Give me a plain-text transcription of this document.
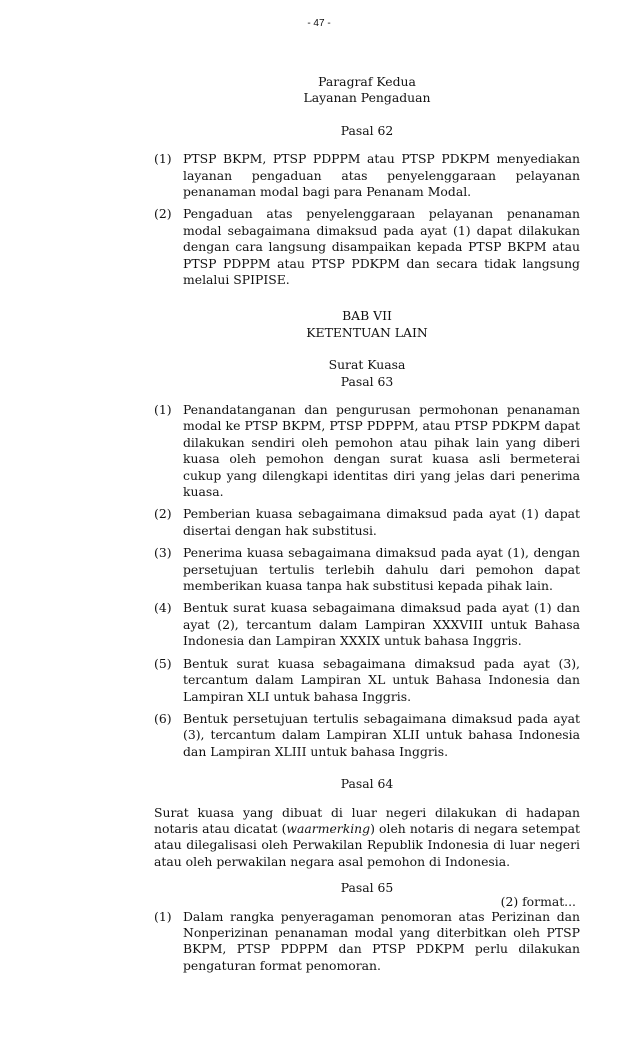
- 47 -
Paragraf Kedua
Layanan Pengaduan
Pasal 62
(1) PTSP BKPM, PTSP PDPPM atau PTSP PDKPM menyediakan layanan pengaduan atas penyelenggaraan pelayanan penanaman modal bagi para Penanam Modal.
(2) Pengaduan atas penyelenggaraan pelayanan penanaman modal sebagaimana dimaksud pada ayat (1) dapat dilakukan dengan cara langsung disampaikan kepada PTSP BKPM atau PTSP PDPPM atau PTSP PDKPM dan secara tidak langsung melalui SPIPISE.
BAB VII
KETENTUAN LAIN
Surat Kuasa
Pasal 63
(1) Penandatanganan dan pengurusan permohonan penanaman modal ke PTSP BKPM, PTSP PDPPM, atau PTSP PDKPM dapat dilakukan sendiri oleh pemohon atau pihak lain yang diberi kuasa oleh pemohon dengan surat kuasa asli bermeterai cukup yang dilengkapi identitas diri yang jelas dari penerima kuasa.
(2) Pemberian kuasa sebagaimana dimaksud pada ayat (1) dapat disertai dengan hak substitusi.
(3) Penerima kuasa sebagaimana dimaksud pada ayat (1), dengan persetujuan tertulis terlebih dahulu dari pemohon dapat memberikan kuasa tanpa hak substitusi kepada pihak lain.
(4) Bentuk surat kuasa sebagaimana dimaksud pada ayat (1) dan ayat (2), tercantum dalam Lampiran XXXVIII untuk Bahasa Indonesia dan Lampiran XXXIX untuk bahasa Inggris.
(5) Bentuk surat kuasa sebagaimana dimaksud pada ayat (3), tercantum dalam Lampiran XL untuk Bahasa Indonesia dan Lampiran XLI untuk bahasa Inggris.
(6) Bentuk persetujuan tertulis sebagaimana dimaksud pada ayat (3), tercantum dalam Lampiran XLII untuk bahasa Indonesia dan Lampiran XLIII untuk bahasa Inggris.
Pasal 64

Surat kuasa yang dibuat di luar negeri dilakukan di hadapan notaris atau dicatat (waarmerking) oleh notaris di negara setempat atau dilegalisasi oleh Perwakilan Republik Indonesia di luar negeri atau oleh perwakilan negara asal pemohon di Indonesia.

Pasal 65
(1) Dalam rangka penyeragaman penomoran atas Perizinan dan Nonperizinan penanaman modal yang diterbitkan oleh PTSP BKPM, PTSP PDPPM dan PTSP PDKPM perlu dilakukan pengaturan format penomoran.
(2) format...
